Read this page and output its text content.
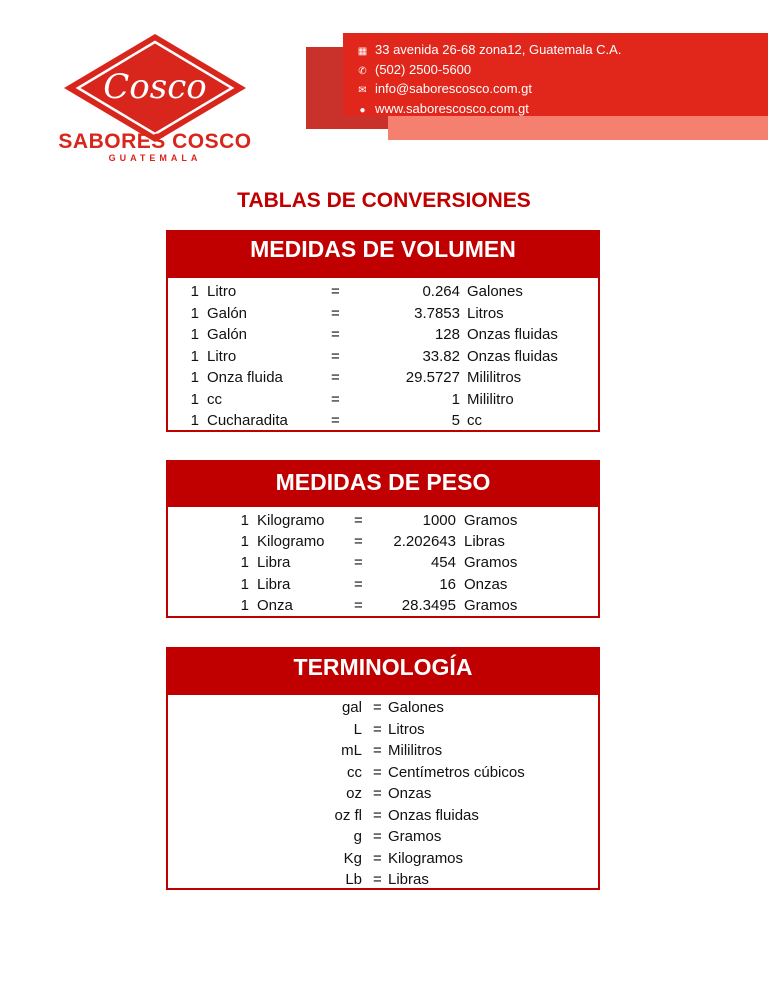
Cosco
SABORES COSCO
GUATEMALA
▦ 33 avenida 26-68 zona12, Guatemala C.A.
✆ (502) 2500-5600
✉ info@saborescosco.com.gt
● www.saborescosco.com.gt
TABLAS DE CONVERSIONES
MEDIDAS DE VOLUMEN
1 Litro	=	0.264 Galones
1 Galón	=	3.7853 Litros
1 Galón	=	128 Onzas fluidas
1 Litro	=	33.82 Onzas fluidas
1 Onza fluida	=	29.5727 Mililitros
1 cc	=	1 Mililitro
1 Cucharadita	=	5 cc
MEDIDAS DE PESO
1 Kilogramo =	1000 Gramos
1 Kilogramo = 2.202643 Libras
1 Libra	=	454 Gramos
1 Libra	=	16 Onzas
1 Onza	=	28.3495 Gramos
TERMINOLOGÍA
gal = Galones
L = Litros
mL = Mililitros
cc = Centímetros cúbicos
oz = Onzas
oz fl = Onzas fluidas
g = Gramos
Kg = Kilogramos
Lb = Libras
